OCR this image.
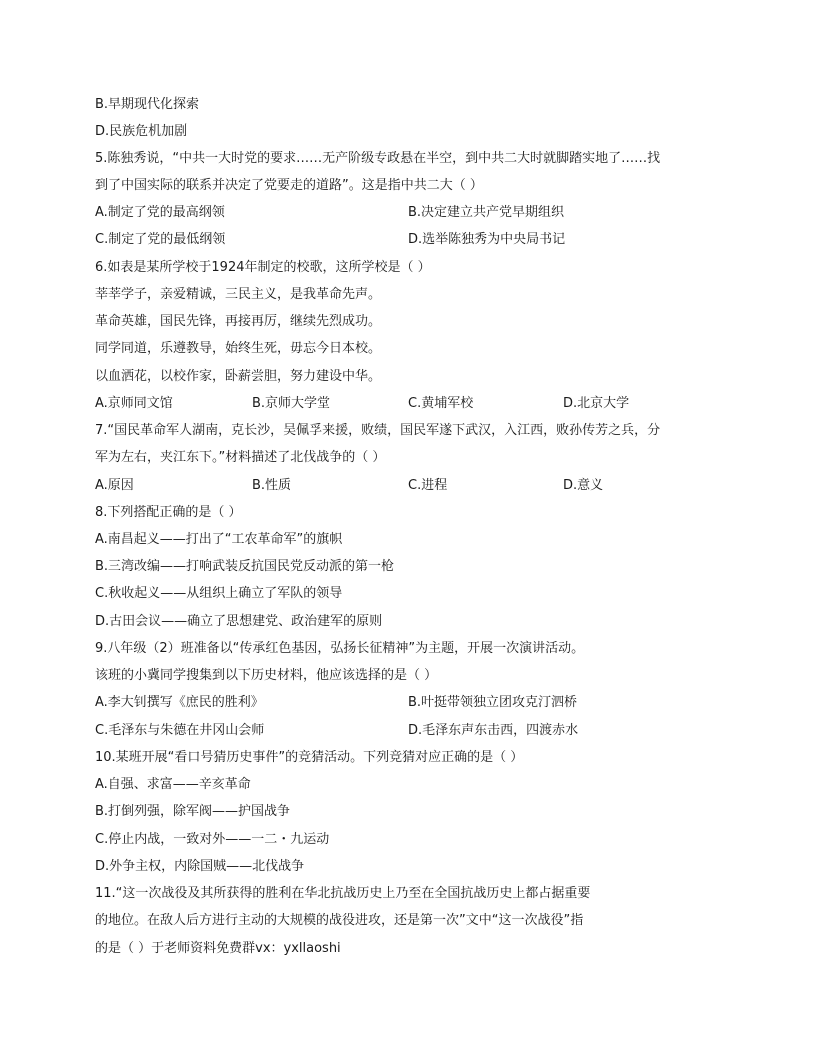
B.早期现代化探索
D.民族危机加剧
5.陈独秀说，“中共一大时党的要求……无产阶级专政悬在半空，到中共二大时就脚踏实地了……找
到了中国实际的联系并决定了党要走的道路”。这是指中共二大（ ）
A.制定了党的最高纲领	B.决定建立共产党早期组织
C.制定了党的最低纲领	D.选举陈独秀为中央局书记
6.如表是某所学校于1924年制定的校歌，这所学校是（ ）
莘莘学子，亲爱精诚，三民主义，是我革命先声。
革命英雄，国民先锋，再接再厉，继续先烈成功。
同学同道，乐遵教导，始终生死，毋忘今日本校。
以血洒花，以校作家，卧薪尝胆，努力建设中华。
A.京师同文馆	B.京师大学堂	C.黄埔军校	D.北京大学
7.“国民革命军人湖南，克长沙，吴佩孚来援，败绩，国民军遂下武汉，入江西，败孙传芳之兵，分
军为左右，夹江东下。”材料描述了北伐战争的（ ）
A.原因	B.性质	C.进程	D.意义
8.下列搭配正确的是（ ）
A.南昌起义——打出了“工农革命军”的旗帜
B.三湾改编——打响武装反抗国民党反动派的第一枪
C.秋收起义——从组织上确立了军队的领导
D.古田会议——确立了思想建党、政治建军的原则
9.八年级（2）班准备以“传承红色基因，弘扬长征精神”为主题，开展一次演讲活动。
该班的小冀同学搜集到以下历史材料，他应该选择的是（ ）
A.李大钊撰写《庶民的胜利》	B.叶挺带领独立团攻克汀泗桥
C.毛泽东与朱德在井冈山会师	D.毛泽东声东击西，四渡赤水
10.某班开展“看口号猜历史事件”的竞猜活动。下列竞猜对应正确的是（ ）
A.自强、求富——辛亥革命
B.打倒列强，除军阀——护国战争
C.停止内战，一致对外——一二・九运动
D.外争主权，内除国贼——北伐战争
11.“这一次战役及其所获得的胜利在华北抗战历史上乃至在全国抗战历史上都占据重要
的地位。在敌人后方进行主动的大规模的战役进攻，还是第一次”文中“这一次战役”指
的是（ ）于老师资料免费群vx：yxllaoshi
